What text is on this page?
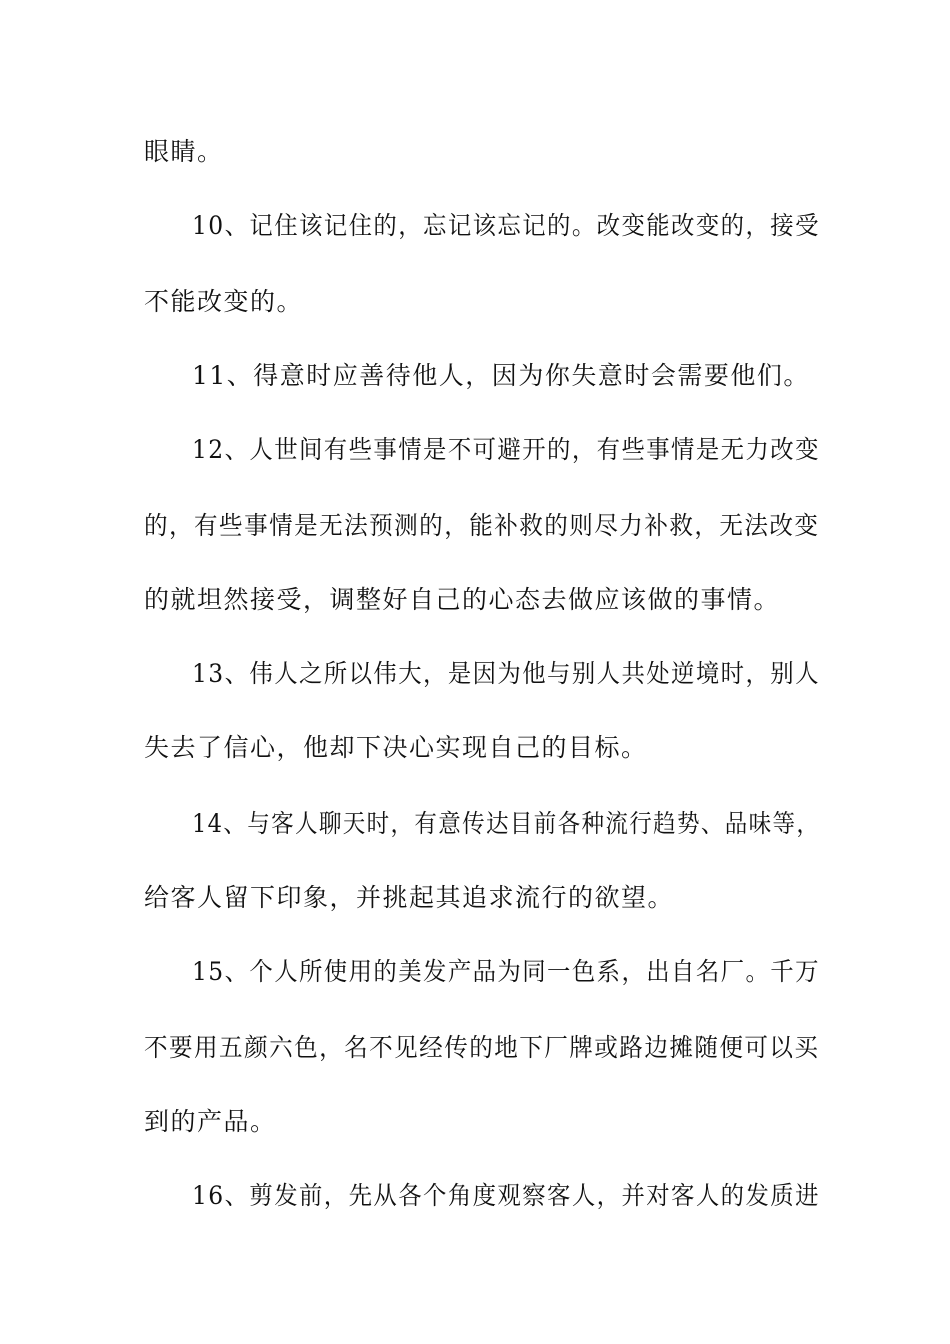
眼睛。
10、记住该记住的，忘记该忘记的。改变能改变的，接受
不能改变的。
11、得意时应善待他人，因为你失意时会需要他们。
12、人世间有些事情是不可避开的，有些事情是无力改变
的，有些事情是无法预测的，能补救的则尽力补救，无法改变
的就坦然接受，调整好自己的心态去做应该做的事情。
13、伟人之所以伟大，是因为他与别人共处逆境时，别人
失去了信心，他却下决心实现自己的目标。
14、与客人聊天时，有意传达目前各种流行趋势、品味等，
给客人留下印象，并挑起其追求流行的欲望。
15、个人所使用的美发产品为同一色系，出自名厂。千万
不要用五颜六色，名不见经传的地下厂牌或路边摊随便可以买
到的产品。
16、剪发前，先从各个角度观察客人，并对客人的发质进
